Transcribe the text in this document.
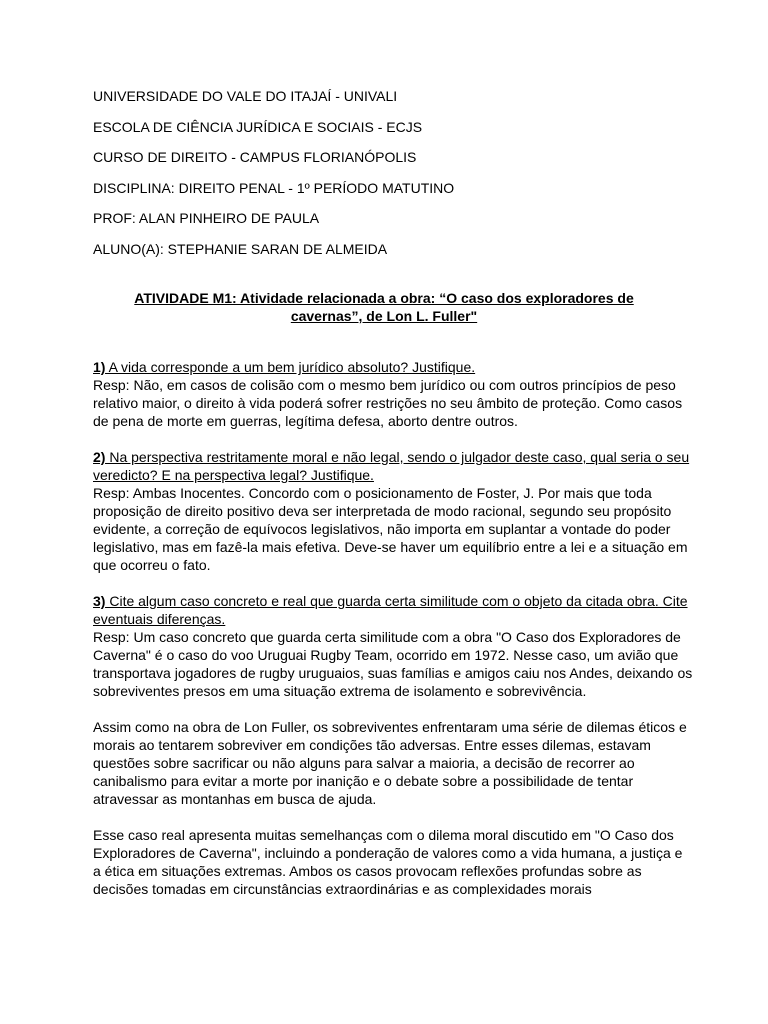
UNIVERSIDADE DO VALE DO ITAJAÍ - UNIVALI
ESCOLA DE CIÊNCIA JURÍDICA E SOCIAIS - ECJS
CURSO DE DIREITO - CAMPUS FLORIANÓPOLIS
DISCIPLINA: DIREITO PENAL - 1º PERÍODO MATUTINO
PROF: ALAN PINHEIRO DE PAULA
ALUNO(A): STEPHANIE SARAN DE ALMEIDA
ATIVIDADE M1: Atividade relacionada a obra: “O caso dos exploradores de
cavernas”, de Lon L. Fuller"
1) A vida corresponde a um bem jurídico absoluto? Justifique.
Resp: Não, em casos de colisão com o mesmo bem jurídico ou com outros princípios de peso relativo maior, o direito à vida poderá sofrer restrições no seu âmbito de proteção. Como casos de pena de morte em guerras, legítima defesa, aborto dentre outros.
2) Na perspectiva restritamente moral e não legal, sendo o julgador deste caso, qual seria o seu veredicto? E na perspectiva legal? Justifique.
Resp: Ambas Inocentes. Concordo com o posicionamento de Foster, J. Por mais que toda proposição de direito positivo deva ser interpretada de modo racional, segundo seu propósito evidente, a correção de equívocos legislativos, não importa em suplantar a vontade do poder legislativo, mas em fazê-la mais efetiva. Deve-se haver um equilíbrio entre a lei e a situação em que ocorreu o fato.
3) Cite algum caso concreto e real que guarda certa similitude com o objeto da citada obra. Cite eventuais diferenças.
Resp: Um caso concreto que guarda certa similitude com a obra "O Caso dos Exploradores de Caverna" é o caso do voo Uruguai Rugby Team, ocorrido em 1972. Nesse caso, um avião que transportava jogadores de rugby uruguaios, suas famílias e amigos caiu nos Andes, deixando os sobreviventes presos em uma situação extrema de isolamento e sobrevivência.
Assim como na obra de Lon Fuller, os sobreviventes enfrentaram uma série de dilemas éticos e morais ao tentarem sobreviver em condições tão adversas. Entre esses dilemas, estavam questões sobre sacrificar ou não alguns para salvar a maioria, a decisão de recorrer ao canibalismo para evitar a morte por inanição e o debate sobre a possibilidade de tentar atravessar as montanhas em busca de ajuda.
Esse caso real apresenta muitas semelhanças com o dilema moral discutido em "O Caso dos Exploradores de Caverna", incluindo a ponderação de valores como a vida humana, a justiça e a ética em situações extremas. Ambos os casos provocam reflexões profundas sobre as decisões tomadas em circunstâncias extraordinárias e as complexidades morais
